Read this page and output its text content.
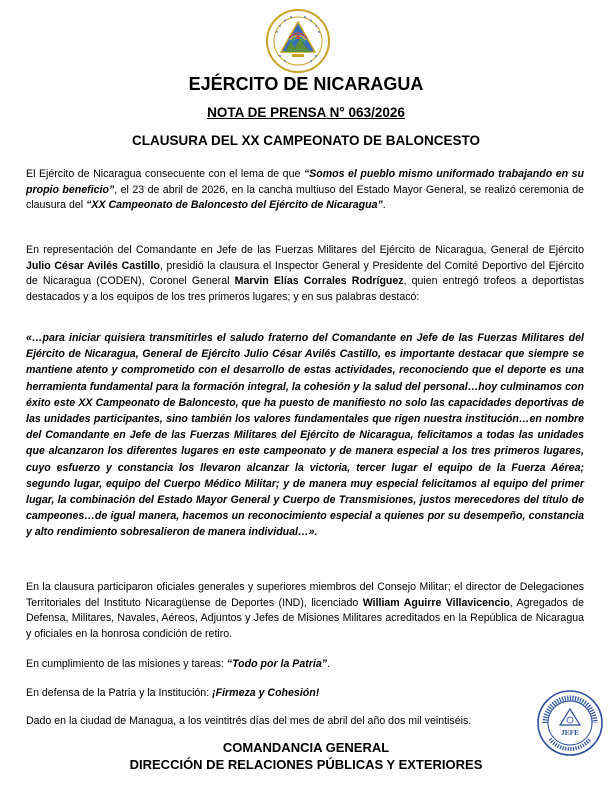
EJÉRCITO DE NICARAGUA
NOTA DE PRENSA N° 063/2026
CLAUSURA DEL XX CAMPEONATO DE BALONCESTO
El Ejército de Nicaragua consecuente con el lema de que “Somos el pueblo mismo uniformado trabajando en su propio beneficio”, el 23 de abril de 2026, en la cancha multiuso del Estado Mayor General, se realizó ceremonia de clausura del “XX Campeonato de Baloncesto del Ejército de Nicaragua”.
En representación del Comandante en Jefe de las Fuerzas Militares del Ejército de Nicaragua, General de Ejército Julio César Avilés Castillo, presidió la clausura el Inspector General y Presidente del Comité Deportivo del Ejército de Nicaragua (CODEN), Coronel General Marvin Elías Corrales Rodríguez, quien entregó trofeos a deportistas destacados y a los equipos de los tres primeros lugares; y en sus palabras destacó:
«…para iniciar quisiera transmitirles el saludo fraterno del Comandante en Jefe de las Fuerzas Militares del Ejército de Nicaragua, General de Ejército Julio César Avilés Castillo, es importante destacar que siempre se mantiene atento y comprometido con el desarrollo de estas actividades, reconociendo que el deporte es una herramienta fundamental para la formación integral, la cohesión y la salud del personal…hoy culminamos con éxito este XX Campeonato de Baloncesto, que ha puesto de manifiesto no solo las capacidades deportivas de las unidades participantes, sino también los valores fundamentales que rigen nuestra institución…en nombre del Comandante en Jefe de las Fuerzas Militares del Ejército de Nicaragua, felicitamos a todas las unidades que alcanzaron los diferentes lugares en este campeonato y de manera especial a los tres primeros lugares, cuyo esfuerzo y constancia los llevaron alcanzar la victoria, tercer lugar el equipo de la Fuerza Aérea; segundo lugar, equipo del Cuerpo Médico Militar; y de manera muy especial felicitamos al equipo del primer lugar, la combinación del Estado Mayor General y Cuerpo de Transmisiones, justos merecedores del título de campeones…de igual manera, hacemos un reconocimiento especial a quienes por su desempeño, constancia y alto rendimiento sobresalieron de manera individual…».
En la clausura participaron oficiales generales y superiores miembros del Consejo Militar; el director de Delegaciones Territoriales del Instituto Nicaragüense de Deportes (IND), licenciado William Aguirre Villavicencio, Agregados de Defensa, Militares, Navales, Aéreos, Adjuntos y Jefes de Misiones Militares acreditados en la República de Nicaragua y oficiales en la honrosa condición de retiro.
En cumplimiento de las misiones y tareas: “Todo por la Patria”.
En defensa de la Patria y la Institución: ¡Firmeza y Cohesión!
Dado en la ciudad de Managua, a los veintitrés días del mes de abril del año dos mil veintiséis.
COMANDANCIA GENERAL
DIRECCIÓN DE RELACIONES PÚBLICAS Y EXTERIORES
JEFE
